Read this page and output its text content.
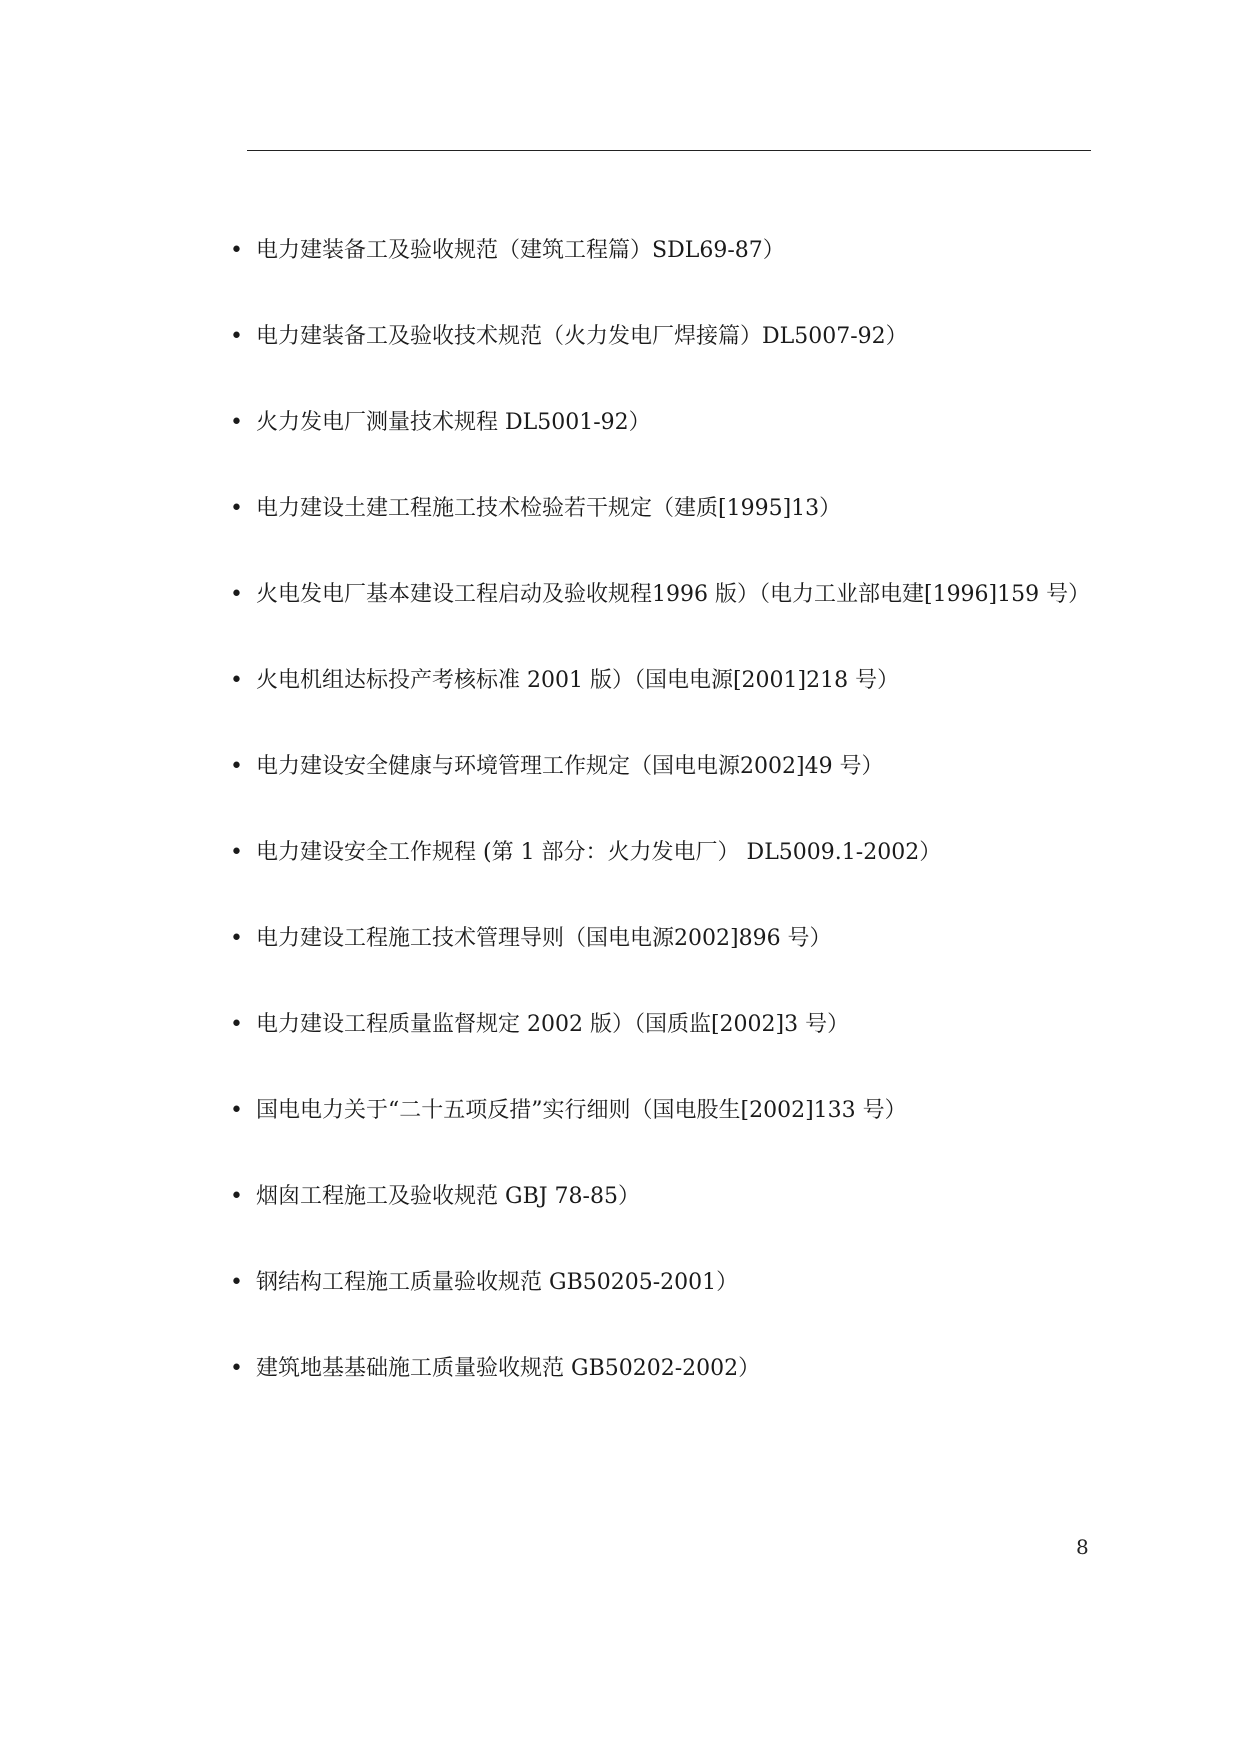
• 电力建装备工及验收规范（建筑工程篇）SDL69-87）
• 电力建装备工及验收技术规范（火力发电厂焊接篇）DL5007-92）
• 火力发电厂测量技术规程 DL5001-92）
• 电力建设土建工程施工技术检验若干规定（建质[1995]13）
• 火电发电厂基本建设工程启动及验收规程1996 版）（电力工业部电建[1996]159 号）
• 火电机组达标投产考核标准 2001 版）（国电电源[2001]218 号）
• 电力建设安全健康与环境管理工作规定（国电电源2002]49 号）
• 电力建设安全工作规程 (第 1 部分：火力发电厂） DL5009.1-2002）
• 电力建设工程施工技术管理导则（国电电源2002]896 号）
• 电力建设工程质量监督规定 2002 版）（国质监[2002]3 号）
• 国电电力关于“二十五项反措”实行细则（国电股生[2002]133 号）
• 烟囱工程施工及验收规范 GBJ 78-85）
• 钢结构工程施工质量验收规范 GB50205-2001）
• 建筑地基基础施工质量验收规范 GB50202-2002）
8
